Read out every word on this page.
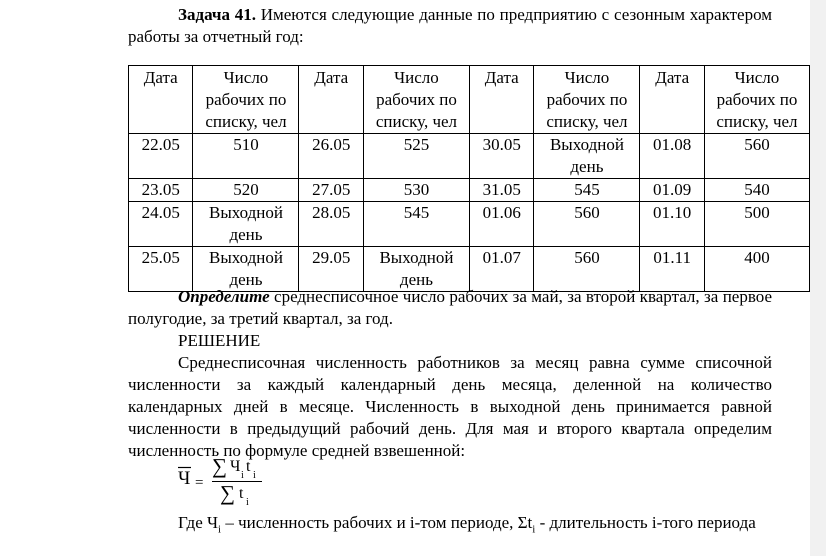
Задача 41. Имеются следующие данные по предприятию с сезонным характером работы за отчетный год:
Дата	Число рабочих по списку, чел	Дата	Число рабочих по списку, чел	Дата	Число рабочих по списку, чел	Дата	Число рабочих по списку, чел
22.05	510	26.05	525	30.05	Выходной день	01.08	560
23.05	520	27.05	530	31.05	545	01.09	540
24.05	Выходной день	28.05	545	01.06	560	01.10	500
25.05	Выходной день	29.05	Выходной день	01.07	560	01.11	400
Определите среднесписочное число рабочих за май, за второй квартал, за первое полугодие, за третий квартал, за год.
РЕШЕНИЕ
Среднесписочная численность работников за месяц равна сумме списочной численности за каждый календарный день месяца, деленной на количество календарных дней в месяце. Численность в выходной день принимается равной численности в предыдущий рабочий день. Для мая и второго квартала определим численность по формуле средней взвешенной:
Ч =
∑ Ч
i
t
i
∑ t
i
Где $Ч_i$ – численность рабочих и i-том периоде, $\Sigma t_i$ - длительность i-того периода
